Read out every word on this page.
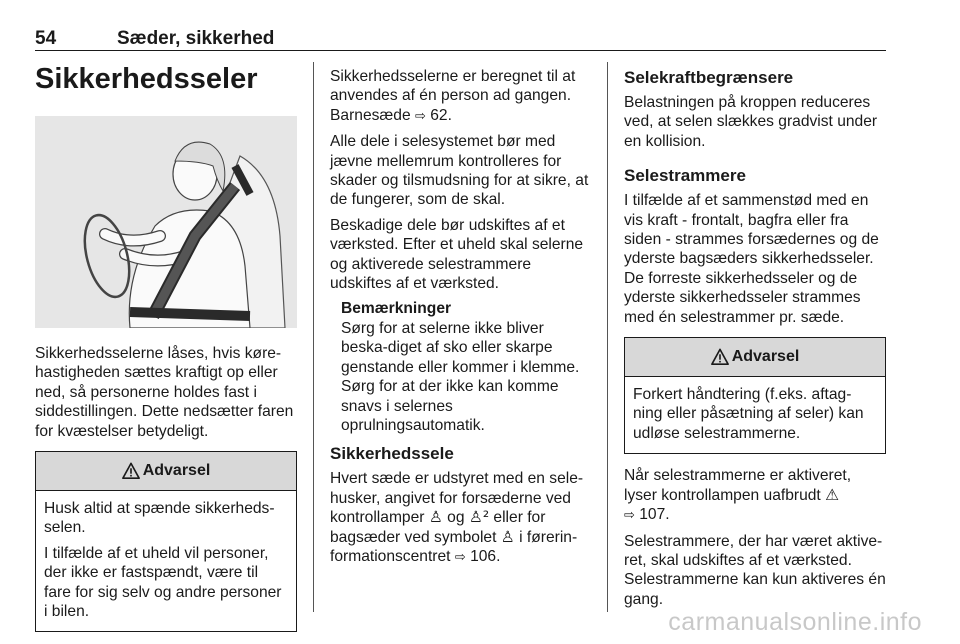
54	Sæder, sikkerhed
Sikkerhedsseler

Sikkerhedsselerne låses, hvis køre-hastigheden sættes kraftigt op eller ned, så personerne holdes fast i siddestillingen. Dette nedsætter faren for kvæstelser betydeligt.

Advarsel

Husk altid at spænde sikkerheds-selen.

I tilfælde af et uheld vil personer, der ikke er fastspændt, være til fare for sig selv og andre personer i bilen.

Sikkerhedsselerne er beregnet til at anvendes af én person ad gangen. Barnesæde ⇨ 62.

Alle dele i selesystemet bør med jævne mellemrum kontrolleres for skader og tilsmudsning for at sikre, at de fungerer, som de skal.

Beskadige dele bør udskiftes af et værksted. Efter et uheld skal selerne og aktiverede selestrammere udskiftes af et værksted.

Bemærkninger
Sørg for at selerne ikke bliver beska-diget af sko eller skarpe genstande eller kommer i klemme. Sørg for at der ikke kan komme snavs i selernes oprulningsautomatik.
Sikkerhedssele

Hvert sæde er udstyret med en sele-husker, angivet for forsæderne ved kontrollamper ♙ og ♙² eller for bagsæder ved symbolet ♙ i førerin-formationscentret ⇨ 106.

Selekraftbegrænsere

Belastningen på kroppen reduceres ved, at selen slækkes gradvist under en kollision.

Selestrammere

I tilfælde af et sammenstød med en vis kraft - frontalt, bagfra eller fra siden - strammes forsædernes og de yderste bagsæders sikkerhedsseler. De forreste sikkerhedsseler og de yderste sikkerhedsseler strammes med én selestrammer pr. sæde.

Advarsel

Forkert håndtering (f.eks. aftag-ning eller påsætning af seler) kan udløse selestrammerne.

Når selestrammerne er aktiveret, lyser kontrollampen uafbrudt ⚠
⇨ 107.

Selestrammere, der har været aktive-ret, skal udskiftes af et værksted. Selestrammerne kan kun aktiveres én gang.

carmanualsonline.info
